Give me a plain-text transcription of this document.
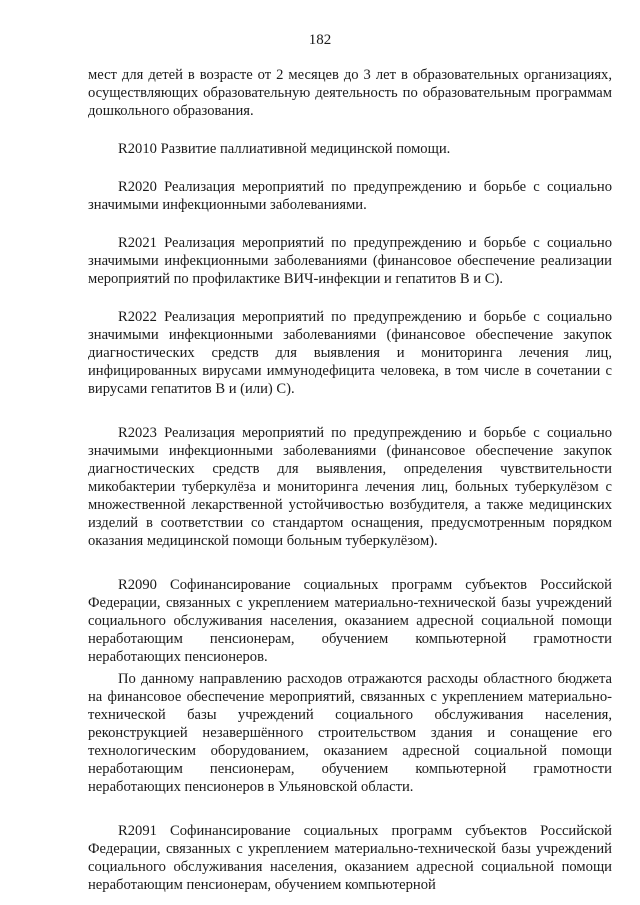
182

мест для детей в возрасте от 2 месяцев до 3 лет в образовательных организациях, осуществляющих образовательную деятельность по образовательным программам дошкольного образования.

R2010 Развитие паллиативной медицинской помощи.

R2020 Реализация мероприятий по предупреждению и борьбе с социально значимыми инфекционными заболеваниями.

R2021 Реализация мероприятий по предупреждению и борьбе с социально значимыми инфекционными заболеваниями (финансовое обеспечение реализации мероприятий по профилактике ВИЧ-инфекции и гепатитов В и С).

R2022 Реализация мероприятий по предупреждению и борьбе с социально значимыми инфекционными заболеваниями (финансовое обеспечение закупок диагностических средств для выявления и мониторинга лечения лиц, инфицированных вирусами иммунодефицита человека, в том числе в сочетании с вирусами гепатитов В и (или) С).

R2023 Реализация мероприятий по предупреждению и борьбе с социально значимыми инфекционными заболеваниями (финансовое обеспечение закупок диагностических средств для выявления, определения чувствительности микобактерии туберкулёза и мониторинга лечения лиц, больных туберкулёзом с множественной лекарственной устойчивостью возбудителя, а также медицинских изделий в соответствии со стандартом оснащения, предусмотренным порядком оказания медицинской помощи больным туберкулёзом).

R2090 Софинансирование социальных программ субъектов Российской Федерации, связанных с укреплением материально-технической базы учреждений социального обслуживания населения, оказанием адресной социальной помощи неработающим пенсионерам, обучением компьютерной грамотности неработающих пенсионеров.

По данному направлению расходов отражаются расходы областного бюджета на финансовое обеспечение мероприятий, связанных с укреплением материально-технической базы учреждений социального обслуживания населения, реконструкцией незавершённого строительством здания и сонащение его технологическим оборудованием, оказанием адресной социальной помощи неработающим пенсионерам, обучением компьютерной грамотности неработающих пенсионеров в Ульяновской области.

R2091 Софинансирование социальных программ субъектов Российской Федерации, связанных с укреплением материально-технической базы учреждений социального обслуживания населения, оказанием адресной социальной помощи неработающим пенсионерам, обучением компьютерной
